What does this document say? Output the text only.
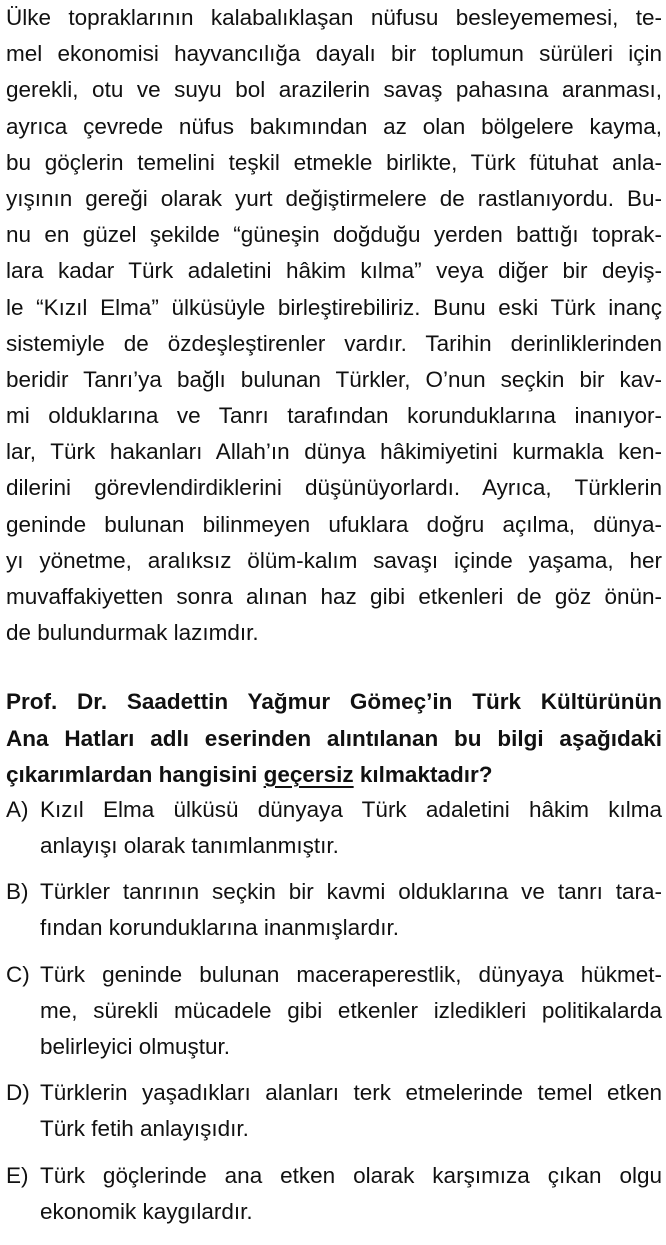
Ülke topraklarının kalabalıklaşan nüfusu besleyememesi, te-
mel ekonomisi hayvancılığa dayalı bir toplumun sürüleri için
gerekli, otu ve suyu bol arazilerin savaş pahasına aranması,
ayrıca çevrede nüfus bakımından az olan bölgelere kayma,
bu göçlerin temelini teşkil etmekle birlikte, Türk fütuhat anla-
yışının gereği olarak yurt değiştirmelere de rastlanıyordu. Bu-
nu en güzel şekilde “güneşin doğduğu yerden battığı toprak-
lara kadar Türk adaletini hâkim kılma” veya diğer bir deyiş-
le “Kızıl Elma” ülküsüyle birleştirebiliriz. Bunu eski Türk inanç
sistemiyle de özdeşleştirenler vardır. Tarihin derinliklerinden
beridir Tanrı’ya bağlı bulunan Türkler, O’nun seçkin bir kav-
mi olduklarına ve Tanrı tarafından korunduklarına inanıyor-
lar, Türk hakanları Allah’ın dünya hâkimiyetini kurmakla ken-
dilerini görevlendirdiklerini düşünüyorlardı. Ayrıca, Türklerin
geninde bulunan bilinmeyen ufuklara doğru açılma, dünya-
yı yönetme, aralıksız ölüm-kalım savaşı içinde yaşama, her
muvaffakiyetten sonra alınan haz gibi etkenleri de göz önün-
de bulundurmak lazımdır.
Prof. Dr. Saadettin Yağmur Gömeç’in Türk Kültürünün
Ana Hatları adlı eserinden alıntılanan bu bilgi aşağıdaki
çıkarımlardan hangisini geçersiz kılmaktadır?
A) Kızıl Elma ülküsü dünyaya Türk adaletini hâkim kılma
anlayışı olarak tanımlanmıştır.
B) Türkler tanrının seçkin bir kavmi olduklarına ve tanrı tara-
fından korunduklarına inanmışlardır.
C) Türk geninde bulunan maceraperestlik, dünyaya hükmet-
me, sürekli mücadele gibi etkenler izledikleri politikalarda
belirleyici olmuştur.
D) Türklerin yaşadıkları alanları terk etmelerinde temel etken
Türk fetih anlayışıdır.
E) Türk göçlerinde ana etken olarak karşımıza çıkan olgu
ekonomik kaygılardır.
